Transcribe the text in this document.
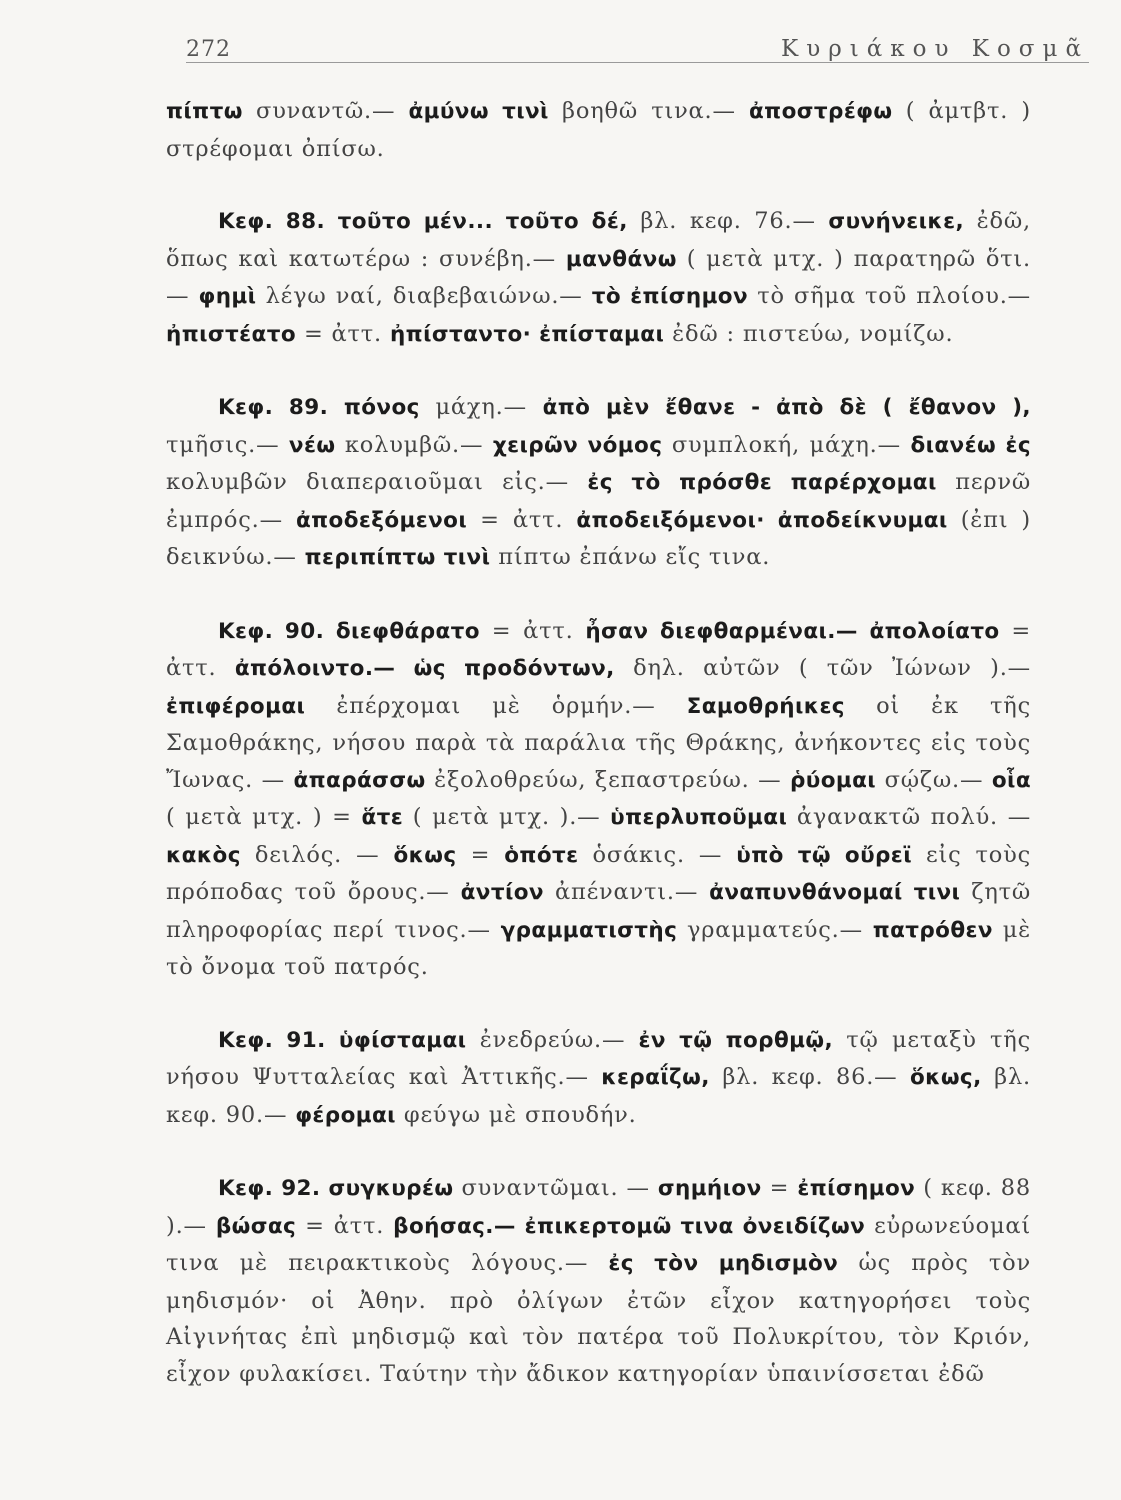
272	Κυριάκου Κοσμᾶ

πίπτω συναντῶ.— ἀμύνω τινὶ βοηθῶ τινα.— ἀποστρέφω ( ἀμτβτ. ) στρέφομαι ὀπίσω.

Κεφ. 88. τοῦτο μέν... τοῦτο δέ, βλ. κεφ. 76.— συνήνεικε, ἐδῶ, ὅπως καὶ κατωτέρω : συνέβη.— μανθάνω ( μετὰ μτχ. ) παρατηρῶ ὅτι.— φημὶ λέγω ναί, διαβεβαιώνω.— τὸ ἐπίσημον τὸ σῆμα τοῦ πλοίου.— ἠπιστέατο = ἀττ. ἠπίσταντο· ἐπίσταμαι ἐδῶ : πιστεύω, νομίζω.

Κεφ. 89. πόνος μάχη.— ἀπὸ μὲν ἔθανε - ἀπὸ δὲ ( ἔθανον ), τμῆσις.— νέω κολυμβῶ.— χειρῶν νόμος συμπλοκή, μάχη.— διανέω ἐς κολυμβῶν διαπεραιοῦμαι εἰς.— ἐς τὸ πρόσθε παρέρχομαι περνῶ ἐμπρός.— ἀποδεξόμενοι = ἀττ. ἀποδειξόμενοι· ἀποδείκνυμαι (ἐπι ) δεικνύω.— περιπίπτω τινὶ πίπτω ἐπάνω εἴς τινα.

Κεφ. 90. διεφθάρατο = ἀττ. ἦσαν διεφθαρμέναι.— ἀπολοίατο = ἀττ. ἀπόλοιντο.— ὡς προδόντων, δηλ. αὐτῶν ( τῶν Ἰώνων ).— ἐπιφέρομαι ἐπέρχομαι μὲ ὁρμήν.— Σαμοθρήικες οἱ ἐκ τῆς Σαμοθράκης, νήσου παρὰ τὰ παράλια τῆς Θράκης, ἀνήκοντες εἰς τοὺς Ἴωνας. — ἀπαράσσω ἐξολοθρεύω, ξεπαστρεύω. — ῥύομαι σῴζω.— οἷα ( μετὰ μτχ. ) = ἅτε ( μετὰ μτχ. ).— ὑπερλυποῦμαι ἀγανακτῶ πολύ. — κακὸς δειλός. — ὅκως = ὁπότε ὁσάκις. — ὑπὸ τῷ οὔρεϊ εἰς τοὺς πρόποδας τοῦ ὄρους.— ἀντίον ἀπέναντι.— ἀναπυνθάνομαί τινι ζητῶ πληροφορίας περί τινος.— γραμματιστὴς γραμματεύς.— πατρόθεν μὲ τὸ ὄνομα τοῦ πατρός.

Κεφ. 91. ὑφίσταμαι ἐνεδρεύω.— ἐν τῷ πορθμῷ, τῷ μεταξὺ τῆς νήσου Ψυτταλείας καὶ Ἀττικῆς.— κεραΐζω, βλ. κεφ. 86.— ὅκως, βλ. κεφ. 90.— φέρομαι φεύγω μὲ σπουδήν.

Κεφ. 92. συγκυρέω συναντῶμαι. — σημήιον = ἐπίσημον ( κεφ. 88 ).— βώσας = ἀττ. βοήσας.— ἐπικερτομῶ τινα ὀνειδίζων εὐρωνεύομαί τινα μὲ πειρακτικοὺς λόγους.— ἐς τὸν μηδισμὸν ὡς πρὸς τὸν μηδισμόν· οἱ Ἀθην. πρὸ ὀλίγων ἐτῶν εἶχον κατηγορήσει τοὺς Αἰγινήτας ἐπὶ μηδισμῷ καὶ τὸν πατέρα τοῦ Πολυκρίτου, τὸν Κριόν, εἶχον φυλακίσει. Ταύτην τὴν ἄδικον κατηγορίαν ὑπαινίσσεται ἐδῶ
